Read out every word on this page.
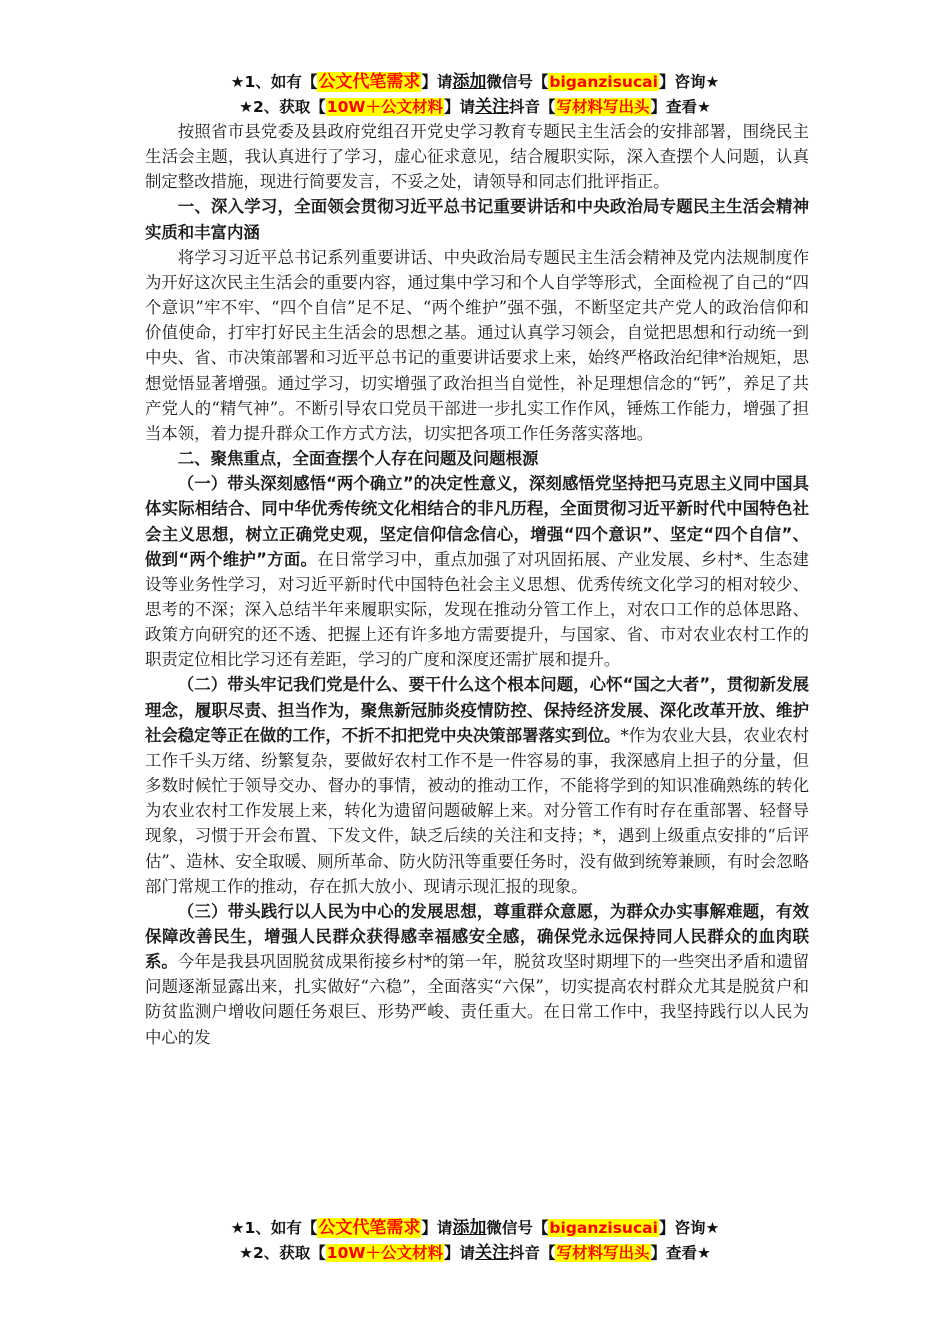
★1、如有【公文代笔需求】请添加微信号【biganzisucai】咨询★
★2、获取【10W＋公文材料】请关注抖音【写材料写出头】查看★

按照省市县党委及县政府党组召开党史学习教育专题民主生活会的安排部署，围绕民主生活会主题，我认真进行了学习，虚心征求意见，结合履职实际，深入查摆个人问题，认真制定整改措施，现进行简要发言，不妥之处，请领导和同志们批评指正。

一、深入学习，全面领会贯彻习近平总书记重要讲话和中央政治局专题民主生活会精神实质和丰富内涵

将学习习近平总书记系列重要讲话、中央政治局专题民主生活会精神及党内法规制度作为开好这次民主生活会的重要内容，通过集中学习和个人自学等形式，全面检视了自己的“四个意识”牢不牢、“四个自信”足不足、“两个维护”强不强，不断坚定共产党人的政治信仰和价值使命，打牢打好民主生活会的思想之基。通过认真学习领会，自觉把思想和行动统一到中央、省、市决策部署和习近平总书记的重要讲话要求上来，始终严格政治纪律*治规矩，思想觉悟显著增强。通过学习，切实增强了政治担当自觉性，补足理想信念的“钙”，养足了共产党人的“精气神”。不断引导农口党员干部进一步扎实工作作风，锤炼工作能力，增强了担当本领，着力提升群众工作方式方法，切实把各项工作任务落实落地。

二、聚焦重点，全面查摆个人存在问题及问题根源

（一）带头深刻感悟“两个确立”的决定性意义，深刻感悟党坚持把马克思主义同中国具体实际相结合、同中华优秀传统文化相结合的非凡历程，全面贯彻习近平新时代中国特色社会主义思想，树立正确党史观，坚定信仰信念信心，增强“四个意识”、坚定“四个自信”、做到“两个维护”方面。在日常学习中，重点加强了对巩固拓展、产业发展、乡村*、生态建设等业务性学习，对习近平新时代中国特色社会主义思想、优秀传统文化学习的相对较少、思考的不深；深入总结半年来履职实际，发现在推动分管工作上，对农口工作的总体思路、政策方向研究的还不透、把握上还有许多地方需要提升，与国家、省、市对农业农村工作的职责定位相比学习还有差距，学习的广度和深度还需扩展和提升。

（二）带头牢记我们党是什么、要干什么这个根本问题，心怀“国之大者”，贯彻新发展理念，履职尽责、担当作为，聚焦新冠肺炎疫情防控、保持经济发展、深化改革开放、维护社会稳定等正在做的工作，不折不扣把党中央决策部署落实到位。*作为农业大县，农业农村工作千头万绪、纷繁复杂，要做好农村工作不是一件容易的事，我深感肩上担子的分量，但多数时候忙于领导交办、督办的事情，被动的推动工作，不能将学到的知识准确熟练的转化为农业农村工作发展上来，转化为遗留问题破解上来。对分管工作有时存在重部署、轻督导现象，习惯于开会布置、下发文件，缺乏后续的关注和支持；*，遇到上级重点安排的“后评估”、造林、安全取暖、厕所革命、防火防汛等重要任务时，没有做到统筹兼顾，有时会忽略部门常规工作的推动，存在抓大放小、现请示现汇报的现象。

（三）带头践行以人民为中心的发展思想，尊重群众意愿，为群众办实事解难题，有效保障改善民生，增强人民群众获得感幸福感安全感，确保党永远保持同人民群众的血肉联系。今年是我县巩固脱贫成果衔接乡村*的第一年，脱贫攻坚时期埋下的一些突出矛盾和遗留问题逐渐显露出来，扎实做好“六稳”，全面落实“六保”，切实提高农村群众尤其是脱贫户和防贫监测户增收问题任务艰巨、形势严峻、责任重大。在日常工作中，我坚持践行以人民为中心的发

★1、如有【公文代笔需求】请添加微信号【biganzisucai】咨询★
★2、获取【10W＋公文材料】请关注抖音【写材料写出头】查看★
